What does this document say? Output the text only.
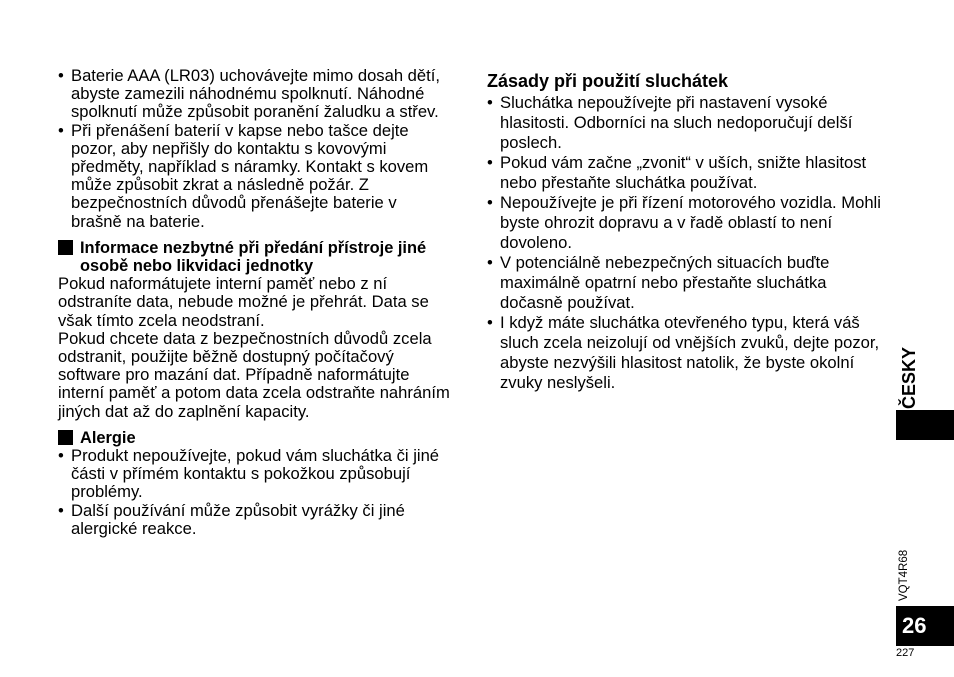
• Baterie AAA (LR03) uchovávejte mimo dosah dětí, abyste zamezili náhodnému spolknutí. Náhodné spolknutí může způsobit poranění žaludku a střev.

• Při přenášení baterií v kapse nebo tašce dejte pozor, aby nepřišly do kontaktu s kovovými předměty, například s náramky. Kontakt s kovem může způsobit zkrat a následně požár. Z bezpečnostních důvodů přenášejte baterie v brašně na baterie.

Informace nezbytné při předání přístroje jiné osobě nebo likvidaci jednotky

Pokud naformátujete interní paměť nebo z ní odstraníte data, nebude možné je přehrát. Data se však tímto zcela neodstraní.

Pokud chcete data z bezpečnostních důvodů zcela odstranit, použijte běžně dostupný počítačový software pro mazání dat. Případně naformátujte interní paměť a potom data zcela odstraňte nahráním jiných dat až do zaplnění kapacity.

Alergie

• Produkt nepoužívejte, pokud vám sluchátka či jiné části v přímém kontaktu s pokožkou způsobují problémy.

• Další používání může způsobit vyrážky či jiné alergické reakce.

Zásady při použití sluchátek

• Sluchátka nepoužívejte při nastavení vysoké hlasitosti. Odborníci na sluch nedoporučují delší poslech.

• Pokud vám začne „zvonit“ v uších, snižte hlasitost nebo přestaňte sluchátka používat.

• Nepoužívejte je při řízení motorového vozidla. Mohli byste ohrozit dopravu a v řadě oblastí to není dovoleno.

• V potenciálně nebezpečných situacích buďte maximálně opatrní nebo přestaňte sluchátka dočasně používat.

• I když máte sluchátka otevřeného typu, která váš sluch zcela neizolují od vnějších zvuků, dejte pozor, abyste nezvýšili hlasitost natolik, že byste okolní zvuky neslyšeli.	ČESKY
VQT4R68
26
227
